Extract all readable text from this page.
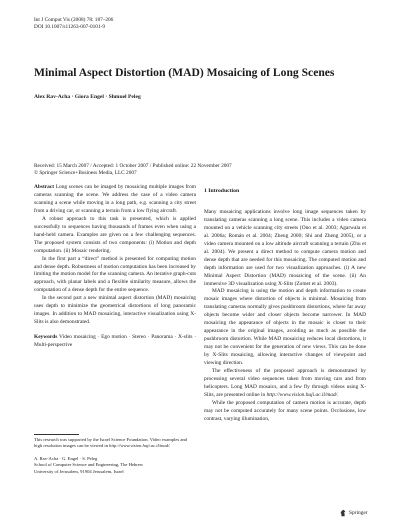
Int J Comput Vis (2008) 78: 187–206
DOI 10.1007/s11263-007-0101-9
Minimal Aspect Distortion (MAD) Mosaicing of Long Scenes
Alex Rav-Acha · Giora Engel · Shmuel Peleg
Received: 15 March 2007 / Accepted: 1 October 2007 / Published online: 22 November 2007
© Springer Science+Business Media, LLC 2007

Abstract Long scenes can be imaged by mosaicing multiple images from cameras scanning the scene. We address the case of a video camera scanning a scene while moving in a long path, e.g. scanning a city street from a driving car, or scanning a terrain from a low flying aircraft.

A robust approach to this task is presented, which is applied successfully to sequences having thousands of frames even when using a hand-held camera. Examples are given on a few challenging sequences. The proposed system consists of two components: (i) Motion and depth computation. (ii) Mosaic rendering.

In the first part a “direct” method is presented for computing motion and dense depth. Robustness of motion computation has been increased by limiting the motion model for the scanning camera. An iterative graph-cuts approach, with planar labels and a flexible similarity measure, allows the computation of a dense depth for the entire sequence.

In the second part a new minimal aspect distortion (MAD) mosaicing uses depth to minimize the geometrical distortions of long panoramic images. In addition to MAD mosaicing, interactive visualization using X-Slits is also demonstrated.

Keywords Video mosaicing · Ego motion · Stereo · Panorama · X-slits · Multi-perspective

This research was supported by the Israel Science Foundation. Video examples and high resolution images can be viewed in http://www.vision.huji.ac.il/mad/.

A. Rav-Acha · G. Engel · S. Peleg

School of Computer Science and Engineering, The Hebrew

University of Jerusalem, 91904 Jerusalem, Israel

1 Introduction

Many mosaicing applications involve long image sequences taken by translating cameras scanning a long scene. This includes a video camera mounted on a vehicle scanning city streets (Ono et al. 2003; Agarwala et al. 2006a; Román et al. 2004; Zheng 2000; Shi and Zheng 2005), or a video camera mounted on a low altitude aircraft scanning a terrain (Zhu et al. 2004). We present a direct method to compute camera motion and dense depth that are needed for this mosaicing. The computed motion and depth information are used for two visualization approaches. (i) A new Minimal Aspect Distortion (MAD) mosaicing of the scene. (ii) An immersive 3D visualization using X-Slits (Zomet et al. 2003).

MAD mosaicing is using the motion and depth information to create mosaic images where distortion of objects is minimal. Mosaicing from translating cameras normally gives pushbroom distortions, where far away objects become wider and closer objects become narrower. In MAD mosaicing the appearance of objects in the mosaic is closer to their appearance in the original images, avoiding as much as possible the pushbroom distortion. While MAD mosaicing reduces local distortions, it may not be convenient for the generation of new views. This can be done by X-Slits mosaicing, allowing interactive changes of viewpoint and viewing direction.

The effectiveness of the proposed approach is demonstrated by processing several video sequences taken from moving cars and from helicopters. Long MAD mosaics, and a few fly through videos using X-Slits, are presented online in http://www.vision.huji.ac.il/mad/.

While the proposed computation of camera motion is accurate, depth may not be computed accurately for many scene points. Occlusions, low contrast, varying illumination,

Springer
